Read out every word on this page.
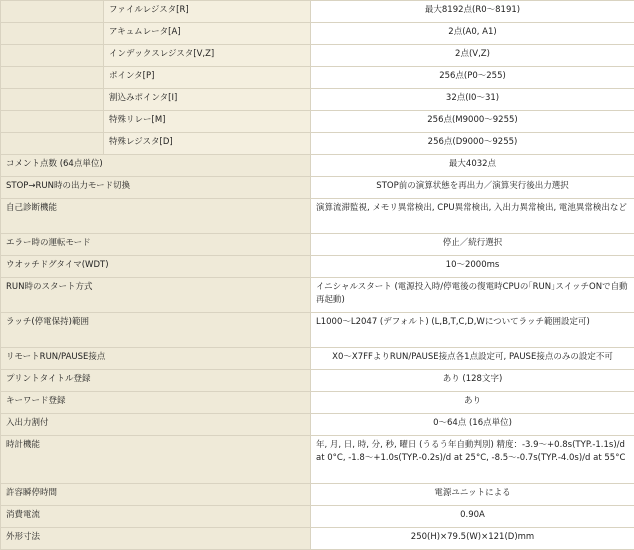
	ファイルレジスタ[R]	最大8192点(R0～8191)
	アキュムレータ[A]	2点(A0, A1)
	インデックスレジスタ[V,Z]	2点(V,Z)
	ポインタ[P]	256点(P0～255)
	割込みポインタ[I]	32点(I0～31)
	特殊リレー[M]	256点(M9000～9255)
	特殊レジスタ[D]	256点(D9000～9255)
コメント点数 (64点単位)		最大4032点
STOP→RUN時の出力モード切換		STOP前の演算状態を再出力／演算実行後出力選択
自己診断機能		演算流滞監視, メモリ異常検出, CPU異常検出, 入出力異常検出, 電池異常検出など
エラー時の運転モード		停止／続行選択
ウオッチドグタイマ(WDT)		10～2000ms
RUN時のスタート方式		イニシャルスタート (電源投入時/停電後の復電時CPUの｢RUN｣スイッチONで自動再起動)
ラッチ(停電保持)範囲		L1000～L2047 (デフォルト) (L,B,T,C,D,Wについてラッチ範囲設定可)
リモートRUN/PAUSE接点		X0～X7FFよりRUN/PAUSE接点各1点設定可, PAUSE接点のみの設定不可
プリントタイトル登録		あり (128文字)
キーワード登録		あり
入出力割付		0～64点 (16点単位)
時計機能		年, 月, 日, 時, 分, 秒, 曜日 (うるう年自動判別) 精度：-3.9～+0.8s(TYP.-1.1s)/d at 0°C, -1.8～+1.0s(TYP.-0.2s)/d at 25°C, -8.5～-0.7s(TYP.-4.0s)/d at 55°C
許容瞬停時間		電源ユニットによる
消費電流		0.90A
外形寸法		250(H)×79.5(W)×121(D)mm
